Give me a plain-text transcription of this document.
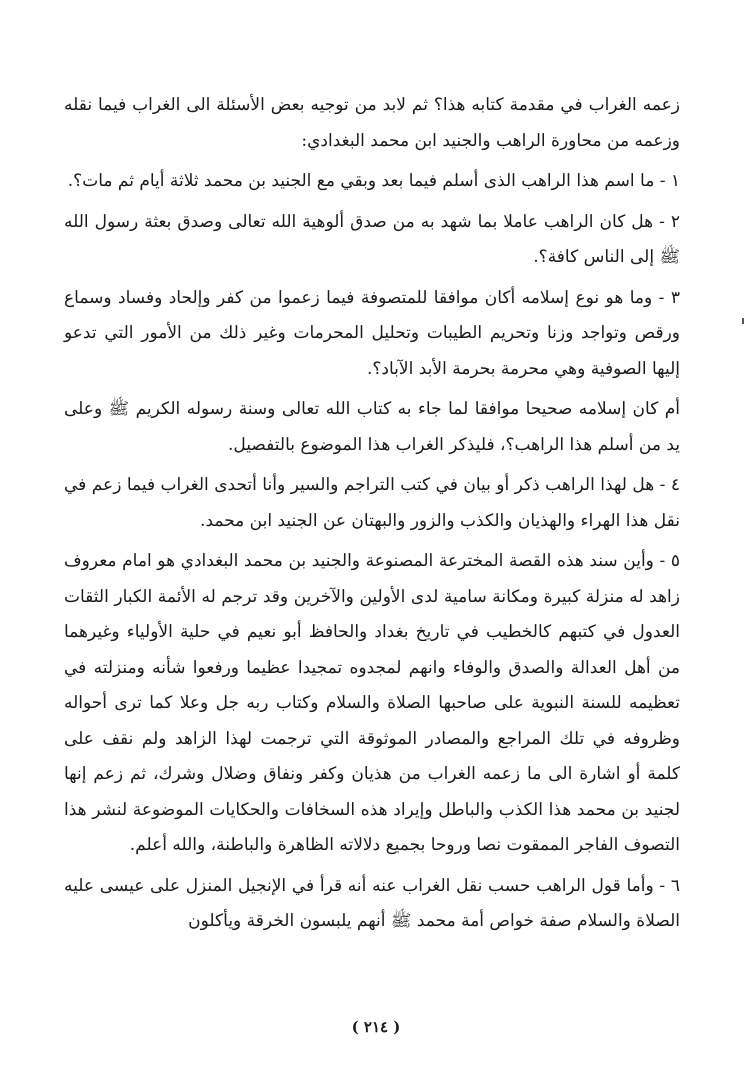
زعمه الغراب في مقدمة كتابه هذا؟ ثم لابد من توجيه بعض الأسئلة الى الغراب فيما نقله وزعمه من محاورة الراهب والجنيد ابن محمد البغدادي:

١ - ما اسم هذا الراهب الذى أسلم فيما بعد وبقي مع الجنيد بن محمد ثلاثة أيام ثم مات؟.

٢ - هل كان الراهب عاملا بما شهد به من صدق ألوهية الله تعالى وصدق بعثة رسول الله ﷺ إلى الناس كافة؟.

٣ - وما هو نوع إسلامه أكان موافقا للمتصوفة فيما زعموا من كفر وإلحاد وفساد وسماع ورقص وتواجد وزنا وتحريم الطيبات وتحليل المحرمات وغير ذلك من الأمور التي تدعو إليها الصوفية وهي محرمة بحرمة الأبد الآباد؟.

أم كان إسلامه صحيحا موافقا لما جاء به كتاب الله تعالى وسنة رسوله الكريم ﷺ وعلى يد من أسلم هذا الراهب؟، فليذكر الغراب هذا الموضوع بالتفصيل.

٤ - هل لهذا الراهب ذكر أو بيان في كتب التراجم والسير وأنا أتحدى الغراب فيما زعم في نقل هذا الهراء والهذيان والكذب والزور والبهتان عن الجنيد ابن محمد.

٥ - وأين سند هذه القصة المخترعة المصنوعة والجنيد بن محمد البغدادي هو امام معروف زاهد له منزلة كبيرة ومكانة سامية لدى الأولين والآخرين وقد ترجم له الأئمة الكبار الثقات العدول في كتبهم كالخطيب في تاريخ بغداد والحافظ أبو نعيم في حلية الأولياء وغيرهما من أهل العدالة والصدق والوفاء وانهم لمجدوه تمجيدا عظيما ورفعوا شأنه ومنزلته في تعظيمه للسنة النبوية على صاحبها الصلاة والسلام وكتاب ربه جل وعلا كما ترى أحواله وظروفه في تلك المراجع والمصادر الموثوقة التي ترجمت لهذا الزاهد ولم نقف على كلمة أو اشارة الى ما زعمه الغراب من هذيان وكفر ونفاق وضلال وشرك، ثم زعم إنها لجنيد بن محمد هذا الكذب والباطل وإيراد هذه السخافات والحكايات الموضوعة لنشر هذا التصوف الفاجر الممقوت نصا وروحا بجميع دلالاته الظاهرة والباطنة، والله أعلم.

٦ - وأما قول الراهب حسب نقل الغراب عنه أنه قرأ في الإنجيل المنزل على عيسى عليه الصلاة والسلام صفة خواص أمة محمد ﷺ أنهم يلبسون الخرقة ويأكلون

( ٢١٤ )
